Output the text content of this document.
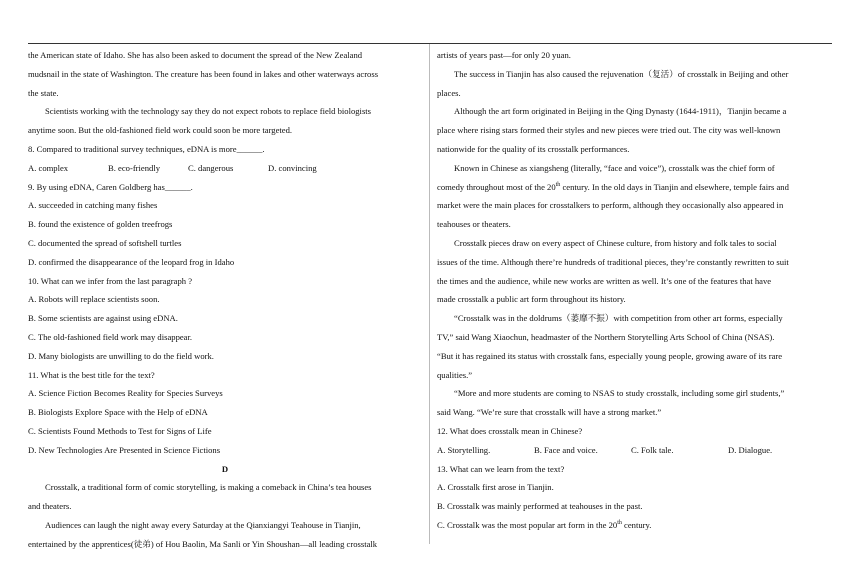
the American state of Idaho. She has also been asked to document the spread of the New Zealand

mudsnail in the state of Washington. The creature has been found in lakes and other waterways across

the state.

Scientists working with the technology say they do not expect robots to replace field biologists

anytime soon. But the old-fashioned field work could soon be more targeted.

8. Compared to traditional survey techniques, eDNA is more______.

A. complex	B. eco-friendly	C. dangerous	D. convincing

9. By using eDNA, Caren Goldberg has______.

A. succeeded in catching many fishes

B. found the existence of golden treefrogs

C. documented the spread of softshell turtles

D. confirmed the disappearance of the leopard frog in Idaho

10. What can we infer from the last paragraph ?

A. Robots will replace scientists soon.

B. Some scientists are against using eDNA.

C. The old-fashioned field work may disappear.

D. Many biologists are unwilling to do the field work.

11. What is the best title for the text?

A. Science Fiction Becomes Reality for Species Surveys

B. Biologists Explore Space with the Help of eDNA

C. Scientists Found Methods to Test for Signs of Life

D. New Technologies Are Presented in Science Fictions

D

Crosstalk, a traditional form of comic storytelling, is making a comeback in China’s tea houses

and theaters.

Audiences can laugh the night away every Saturday at the Qianxiangyi Teahouse in Tianjin,

entertained by the apprentices(徒弟) of Hou Baolin, Ma Sanli or Yin Shoushan—all leading crosstalk

artists of years past—for only 20 yuan.

The success in Tianjin has also caused the rejuvenation（复活）of crosstalk in Beijing and other

places.

Although the art form originated in Beijing in the Qing Dynasty (1644-1911)，Tianjin became a

place where rising stars formed their styles and new pieces were tried out. The city was well-known

nationwide for the quality of its crosstalk performances.

Known in Chinese as xiangsheng (literally, “face and voice”), crosstalk was the chief form of

comedy throughout most of the 20th century. In the old days in Tianjin and elsewhere, temple fairs and

market were the main places for crosstalkers to perform, although they occasionally also appeared in

teahouses or theaters.

Crosstalk pieces draw on every aspect of Chinese culture, from history and folk tales to social

issues of the time. Although there’re hundreds of traditional pieces, they’re constantly rewritten to suit

the times and the audience, while new works are written as well. It’s one of the features that have

made crosstalk a public art form throughout its history.

“Crosstalk was in the doldrums（萎靡不振）with competition from other art forms, especially

TV,” said Wang Xiaochun, headmaster of the Northern Storytelling Arts School of China (NSAS).

“But it has regained its status with crosstalk fans, especially young people, growing aware of its rare

qualities.”

“More and more students are coming to NSAS to study crosstalk, including some girl students,”

said Wang. “We’re sure that crosstalk will have a strong market.”

12. What does crosstalk mean in Chinese?

A. Storytelling.	B. Face and voice.	C. Folk tale.	D. Dialogue.

13. What can we learn from the text?

A. Crosstalk first arose in Tianjin.

B. Crosstalk was mainly performed at teahouses in the past.

C. Crosstalk was the most popular art form in the 20th century.
